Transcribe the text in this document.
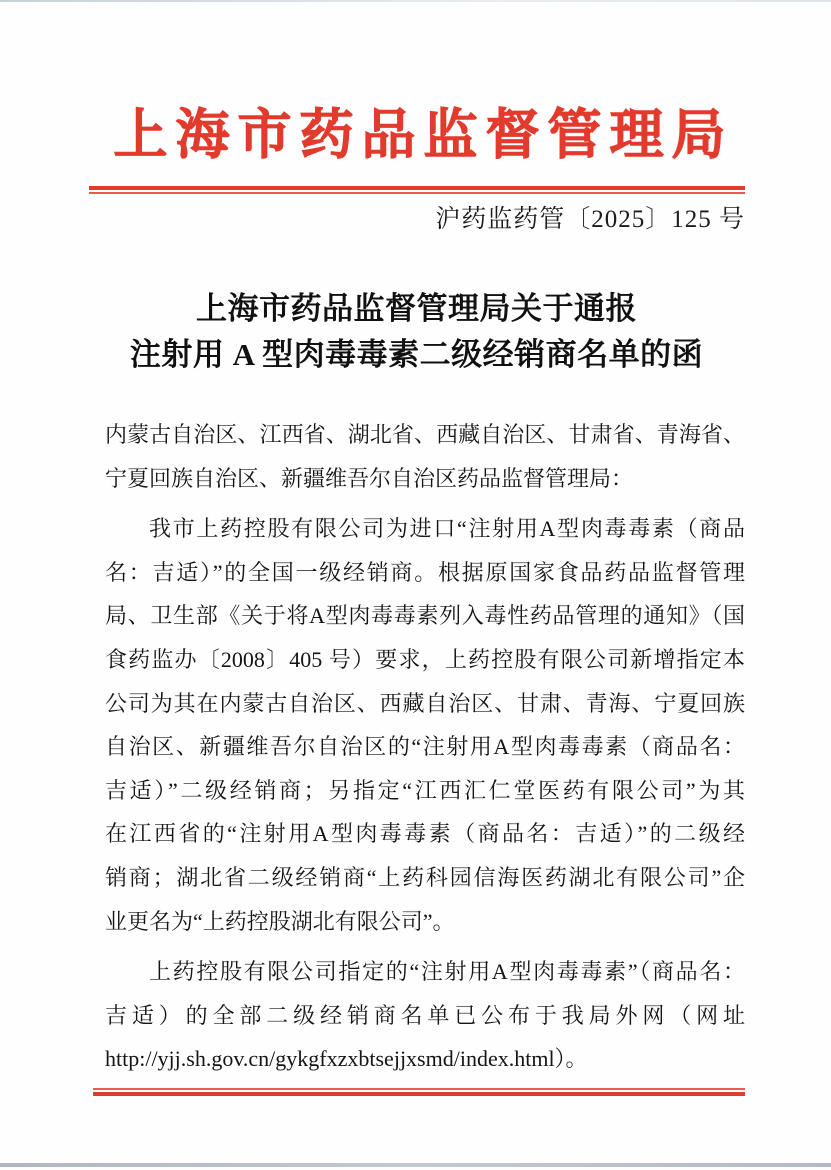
上海市药品监督管理局
沪药监药管〔2025〕125 号
上海市药品监督管理局关于通报
注射用 A 型肉毒毒素二级经销商名单的函
内蒙古自治区、江西省、湖北省、西藏自治区、甘肃省、青海省、
宁夏回族自治区、新疆维吾尔自治区药品监督管理局：
我市上药控股有限公司为进口“注射用A型肉毒毒素（商品
名：吉适）”的全国一级经销商。根据原国家食品药品监督管理
局、卫生部《关于将A型肉毒毒素列入毒性药品管理的通知》（国
食药监办〔2008〕405 号）要求，上药控股有限公司新增指定本
公司为其在内蒙古自治区、西藏自治区、甘肃、青海、宁夏回族
自治区、新疆维吾尔自治区的“注射用A型肉毒毒素（商品名：
吉适）”二级经销商；另指定“江西汇仁堂医药有限公司”为其
在江西省的“注射用A型肉毒毒素（商品名：吉适）”的二级经
销商；湖北省二级经销商“上药科园信海医药湖北有限公司”企
业更名为“上药控股湖北有限公司”。
上药控股有限公司指定的“注射用A型肉毒毒素”（商品名：
吉适）的全部二级经销商名单已公布于我局外网（网址
http://yjj.sh.gov.cn/gykgfxzxbtsejjxsmd/index.html）。
